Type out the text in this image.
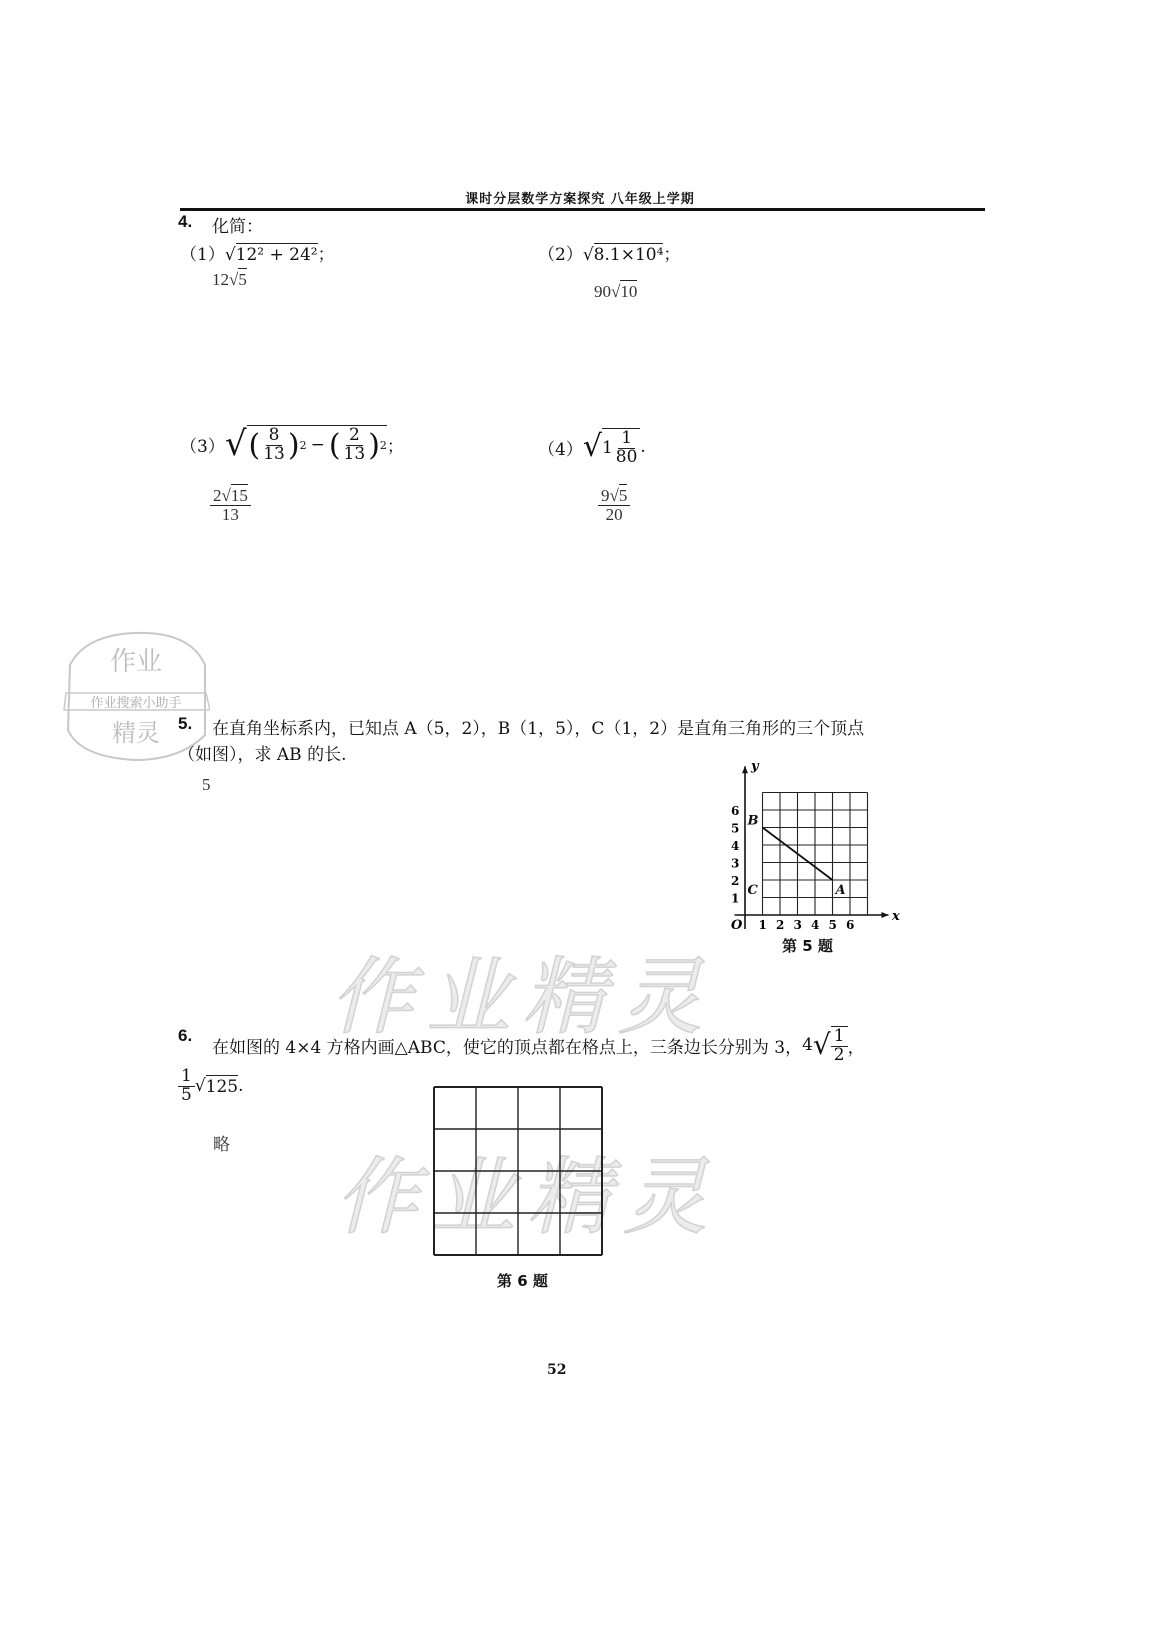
课时分层数学方案探究 八年级上学期
作业
作业搜索小助手
精灵
作业精灵
作业精灵
4. 化简：
（1）√12² + 24²；
12√5
（2）√8.1×10⁴；
90√10
（3） √ ( $\frac{8}{13}$ ) 2 − ( $\frac{2}{13}$ ) 2 ；
$\frac{2√15}{13}$
（4） √ $1 \frac{1}{80}$ .
$\frac{9√5}{20}$
5. 在直角坐标系内，已知点 A（5，2），B（1，5），C（1，2）是直角三角形的三个顶点
（如图），求 AB 的长.
5
x
y
O 1 2 3 4 5 6
1
2
3
4
5
6
A
B
C
第 5 题
6.
在如图的 4×4 方格内画△ABC，使它的顶点都在格点上，三条边长分别为 3， 4 √ $\frac{1}{2}$ ，
$\frac{1}{5}$ √ 125 .
略
第 6 题
52
